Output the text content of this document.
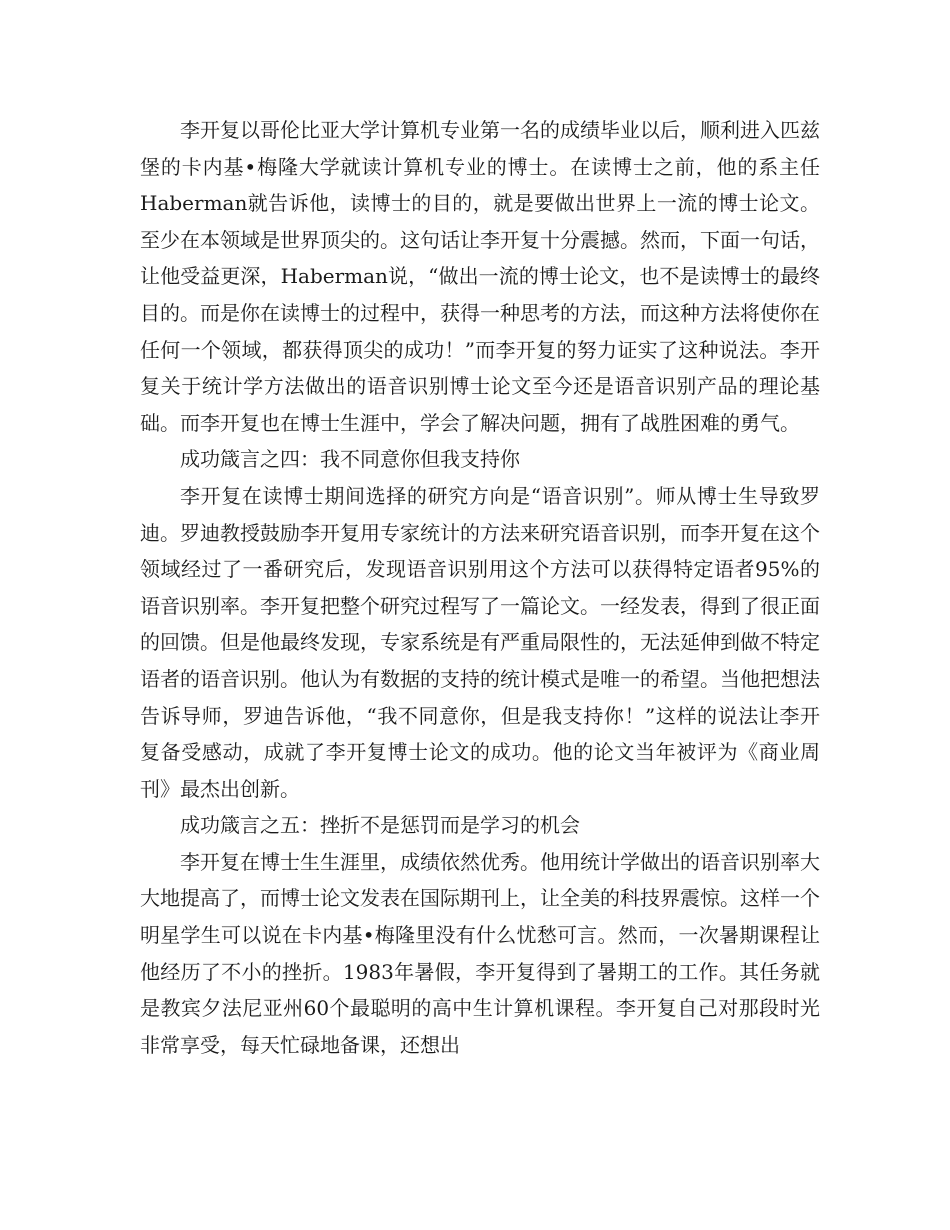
李开复以哥伦比亚大学计算机专业第一名的成绩毕业以后，顺利进入匹兹堡的卡内基•梅隆大学就读计算机专业的博士。在读博士之前，他的系主任Haberman就告诉他，读博士的目的，就是要做出世界上一流的博士论文。至少在本领域是世界顶尖的。这句话让李开复十分震撼。然而，下面一句话，让他受益更深，Haberman说，“做出一流的博士论文，也不是读博士的最终目的。而是你在读博士的过程中，获得一种思考的方法，而这种方法将使你在任何一个领域，都获得顶尖的成功！”而李开复的努力证实了这种说法。李开复关于统计学方法做出的语音识别博士论文至今还是语音识别产品的理论基础。而李开复也在博士生涯中，学会了解决问题，拥有了战胜困难的勇气。

成功箴言之四：我不同意你但我支持你

李开复在读博士期间选择的研究方向是“语音识别”。师从博士生导致罗迪。罗迪教授鼓励李开复用专家统计的方法来研究语音识别，而李开复在这个领域经过了一番研究后，发现语音识别用这个方法可以获得特定语者95%的语音识别率。李开复把整个研究过程写了一篇论文。一经发表，得到了很正面的回馈。但是他最终发现，专家系统是有严重局限性的，无法延伸到做不特定语者的语音识别。他认为有数据的支持的统计模式是唯一的希望。当他把想法告诉导师，罗迪告诉他，“我不同意你，但是我支持你！”这样的说法让李开复备受感动，成就了李开复博士论文的成功。他的论文当年被评为《商业周刊》最杰出创新。

成功箴言之五：挫折不是惩罚而是学习的机会

李开复在博士生生涯里，成绩依然优秀。他用统计学做出的语音识别率大大地提高了，而博士论文发表在国际期刊上，让全美的科技界震惊。这样一个明星学生可以说在卡内基•梅隆里没有什么忧愁可言。然而，一次暑期课程让他经历了不小的挫折。1983年暑假，李开复得到了暑期工的工作。其任务就是教宾夕法尼亚州60个最聪明的高中生计算机课程。李开复自己对那段时光非常享受，每天忙碌地备课，还想出
